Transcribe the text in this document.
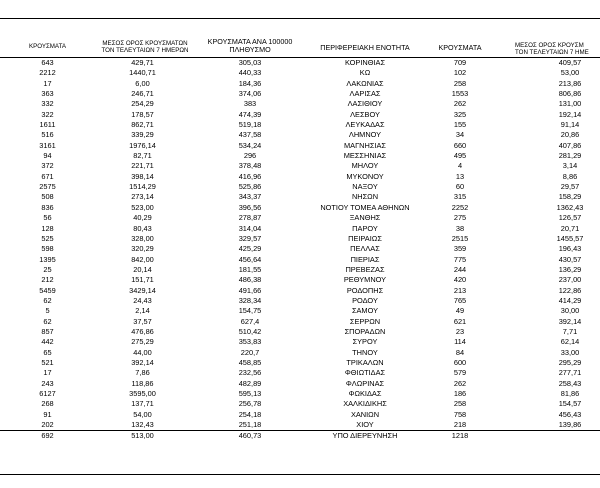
ΚΡΟΥΣΜΑΤΑ	ΜΕΣΟΣ ΟΡΟΣ ΚΡΟΥΣΜΑΤΩΝ
ΤΟΝ ΤΕΛΕΥΤΑΙΩΝ 7 ΗΜΕΡΩΝ
ΚΡΟΥΣΜΑΤΑ ΑΝΑ 100000
ΠΛΗΘΥΣΜΟ	ΠΕΡΙΦΕΡΕΙΑΚΗ ΕΝΟΤΗΤΑ	ΚΡΟΥΣΜΑΤΑ	ΜΕΣΟΣ ΟΡΟΣ ΚΡΟΥΣΜ
ΤΟΝ ΤΕΛΕΥΤΑΙΩΝ 7 ΗΜΕ
643	429,71	305,03	ΚΟΡΙΝΘΙΑΣ	709	409,57
2212	1440,71	440,33	ΚΩ	102	53,00
17	6,00	184,36	ΛΑΚΩΝΙΑΣ	258	213,86
363	246,71	374,06	ΛΑΡΙΣΑΣ	1553	806,86
332	254,29	383	ΛΑΣΙΘΙΟΥ	262	131,00
322	178,57	474,39	ΛΕΣΒΟΥ	325	192,14
1611	862,71	519,18	ΛΕΥΚΑΔΑΣ	155	91,14
516	339,29	437,58	ΛΗΜΝΟΥ	34	20,86
3161	1976,14	534,24	ΜΑΓΝΗΣΙΑΣ	660	407,86
94	82,71	296	ΜΕΣΣΗΝΙΑΣ	495	281,29
372	221,71	378,48	ΜΗΛΟΥ	4	3,14
671	398,14	416,96	ΜΥΚΟΝΟΥ	13	8,86
2575	1514,29	525,86	ΝΑΞΟΥ	60	29,57
508	273,14	343,37	ΝΗΣΩΝ	315	158,29
836	523,00	396,56	ΝΟΤΙΟΥ ΤΟΜΕΑ ΑΘΗΝΩΝ	2252	1362,43
56	40,29	278,87	ΞΑΝΘΗΣ	275	126,57
128	80,43	314,04	ΠΑΡΟΥ	38	20,71
525	328,00	329,57	ΠΕΙΡΑΙΩΣ	2515	1455,57
598	320,29	425,29	ΠΕΛΛΑΣ	359	196,43
1395	842,00	456,64	ΠΙΕΡΙΑΣ	775	430,57
25	20,14	181,55	ΠΡΕΒΕΖΑΣ	244	136,29
212	151,71	486,38	ΡΕΘΥΜΝΟΥ	420	237,00
5459	3429,14	491,66	ΡΟΔΟΠΗΣ	213	122,86
62	24,43	328,34	ΡΟΔΟΥ	765	414,29
5	2,14	154,75	ΣΑΜΟΥ	49	30,00
62	37,57	627,4	ΣΕΡΡΩΝ	621	392,14
857	476,86	510,42	ΣΠΟΡΑΔΩΝ	23	7,71
442	275,29	353,83	ΣΥΡΟΥ	114	62,14
65	44,00	220,7	ΤΗΝΟΥ	84	33,00
521	392,14	458,85	ΤΡΙΚΑΛΩΝ	600	295,29
17	7,86	232,56	ΦΘΙΩΤΙΔΑΣ	579	277,71
243	118,86	482,89	ΦΛΩΡΙΝΑΣ	262	258,43
6127	3595,00	595,13	ΦΩΚΙΔΑΣ	186	81,86
268	137,71	256,78	ΧΑΛΚΙΔΙΚΗΣ	258	154,57
91	54,00	254,18	ΧΑΝΙΩΝ	758	456,43
202	132,43	251,18	ΧΙΟΥ	218	139,86
692	513,00	460,73	ΥΠΟ ΔΙΕΡΕΥΝΗΣΗ	1218
